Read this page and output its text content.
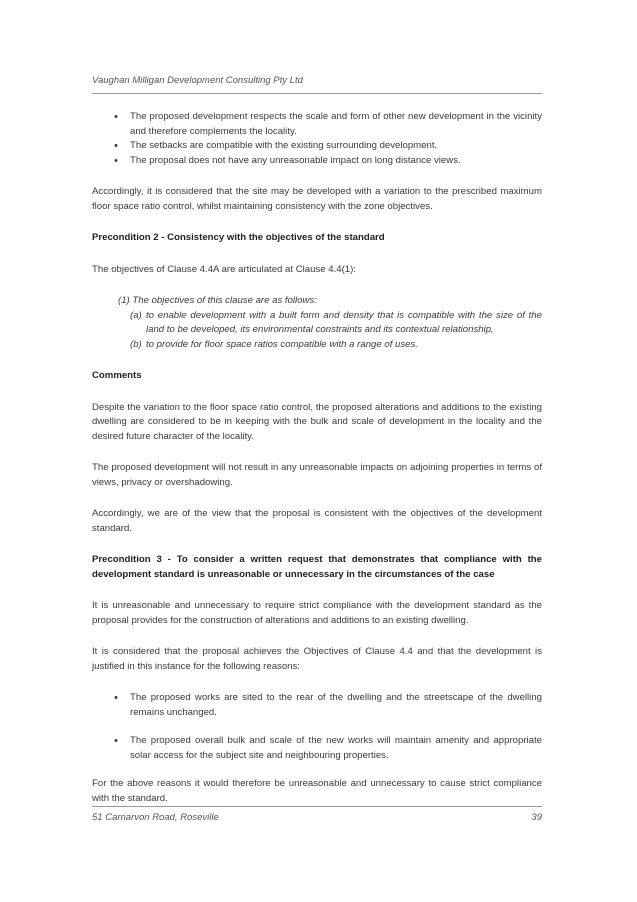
Vaughan Milligan Development Consulting Pty Ltd
• The proposed development respects the scale and form of other new development in the vicinity and therefore complements the locality.
• The setbacks are compatible with the existing surrounding development.
• The proposal does not have any unreasonable impact on long distance views.

Accordingly, it is considered that the site may be developed with a variation to the prescribed maximum floor space ratio control, whilst maintaining consistency with the zone objectives.

Precondition 2 - Consistency with the objectives of the standard

The objectives of Clause 4.4A are articulated at Clause 4.4(1):

(1) The objectives of this clause are as follows:
(a) to enable development with a built form and density that is compatible with the size of the land to be developed, its environmental constraints and its contextual relationship,
(b) to provide for floor space ratios compatible with a range of uses.

Comments

Despite the variation to the floor space ratio control, the proposed alterations and additions to the existing dwelling are considered to be in keeping with the bulk and scale of development in the locality and the desired future character of the locality.

The proposed development will not result in any unreasonable impacts on adjoining properties in terms of views, privacy or overshadowing.

Accordingly, we are of the view that the proposal is consistent with the objectives of the development standard.

Precondition 3 - To consider a written request that demonstrates that compliance with the development standard is unreasonable or unnecessary in the circumstances of the case

It is unreasonable and unnecessary to require strict compliance with the development standard as the proposal provides for the construction of alterations and additions to an existing dwelling.

It is considered that the proposal achieves the Objectives of Clause 4.4 and that the development is justified in this instance for the following reasons:

• The proposed works are sited to the rear of the dwelling and the streetscape of the dwelling remains unchanged.
• The proposed overall bulk and scale of the new works will maintain amenity and appropriate solar access for the subject site and neighbouring properties.

For the above reasons it would therefore be unreasonable and unnecessary to cause strict compliance with the standard.

51 Carnarvon Road, Roseville	39
